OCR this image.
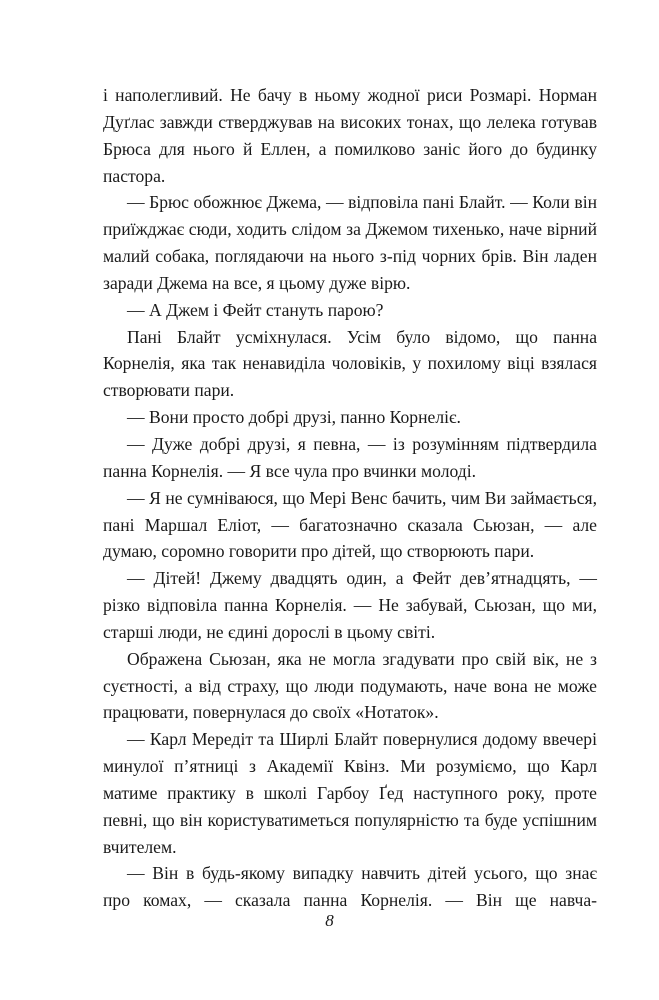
і наполегливий. Не бачу в ньому жодної риси Розмарі. Норман Дуґлас завжди стверджував на високих тонах, що лелека готував Брюса для нього й Еллен, а помилково заніс його до будинку пастора.

— Брюс обожнює Джема, — відповіла пані Блайт. — Коли він приїжджає сюди, ходить слідом за Джемом тихенько, наче вірний малий собака, поглядаючи на нього з-під чорних брів. Він ладен заради Джема на все, я цьому дуже вірю.

— А Джем і Фейт стануть парою?

Пані Блайт усміхнулася. Усім було відомо, що панна Корнелія, яка так ненавиділа чоловіків, у похилому віці взялася створювати пари.

— Вони просто добрі друзі, панно Корнеліє.

— Дуже добрі друзі, я певна, — із розумінням підтвердила панна Корнелія. — Я все чула про вчинки молоді.

— Я не сумніваюся, що Мері Венс бачить, чим Ви займається, пані Маршал Еліот, — багатозначно сказала Сьюзан, — але думаю, соромно говорити про дітей, що створюють пари.

— Дітей! Джему двадцять один, а Фейт дев’ятнадцять, — різко відповіла панна Корнелія. — Не забувай, Сьюзан, що ми, старші люди, не єдині дорослі в цьому світі.

Ображена Сьюзан, яка не могла згадувати про свій вік, не з суєтності, а від страху, що люди подумають, наче вона не може працювати, повернулася до своїх «Нотаток».

— Карл Мередіт та Ширлі Блайт повернулися додому ввечері минулої п’ятниці з Академії Квінз. Ми розуміємо, що Карл матиме практику в школі Гарбоу Ґед наступного року, проте певні, що він користуватиметься популярністю та буде успішним вчителем.

— Він в будь-якому випадку навчить дітей усього, що знає про комах, — сказала панна Корнелія. — Він ще навча-

8
